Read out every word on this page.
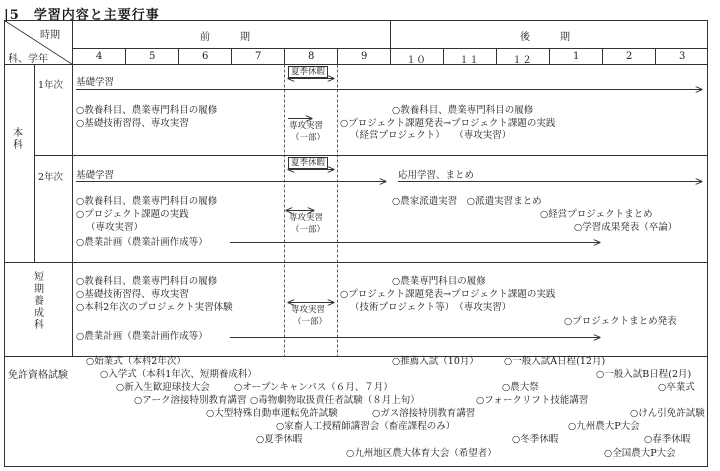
|5　学習内容と主要行事
時期
科、学年
前　　　期	後　　　期
4	5	6	7	8	9	１０	１１	１２	1	2	3
本科
1年次
夏季休暇
基礎学習
○教養科目、農業専門科目の履修
○基礎技術習得、専攻実習	専攻実習
（一部）
○教養科目、農業専門科目の履修
○プロジェクト課題発表→プロジェクト課題の実践
（経営プロジェクト）　　（専攻実習）
2年次
夏季休暇
基礎学習	応用学習、まとめ
○教養科目、農業専門科目の履修
○プロジェクト課題の実践
（専攻実習）
○農業計画（農業計画作成等）
専攻実習
（一部）
○農家派遣実習　○派遣実習まとめ
○経営プロジェクトまとめ
○学習成果発表（卒論）
短期養成科
○教養科目、農業専門科目の履修
○基礎技術習得、専攻実習
○本科2年次のプロジェクト実習体験
○農業計画（農業計画作成等）
専攻実習
（一部）
○農業専門科目の履修
○プロジェクト課題発表→プロジェクト課題の実践
（技術プロジェクト等）　（専攻実習）
○プロジェクトまとめ発表
免許資格試験
○始業式（本科2年次）	○推薦入試（10月）	○一般入試A日程(12月)
○入学式（本科1年次、短期養成科）	○一般入試B日程(2月)
○新入生歓迎球技大会	○オープンキャンパス（６月、７月）	○農大祭	○卒業式
○アーク溶接特別教育講習 ○毒物劇物取扱責任者試験（８月上旬）	○フォークリフト技能講習
○大型特殊自動車運転免許試験	○ガス溶接特別教育講習	○けん引免許試験
○家畜人工授精師講習会（畜産課程のみ）	○九州農大P大会
○夏季休暇	○冬季休暇	○春季休暇
○九州地区農大体育大会（希望者）	○全国農大P大会
